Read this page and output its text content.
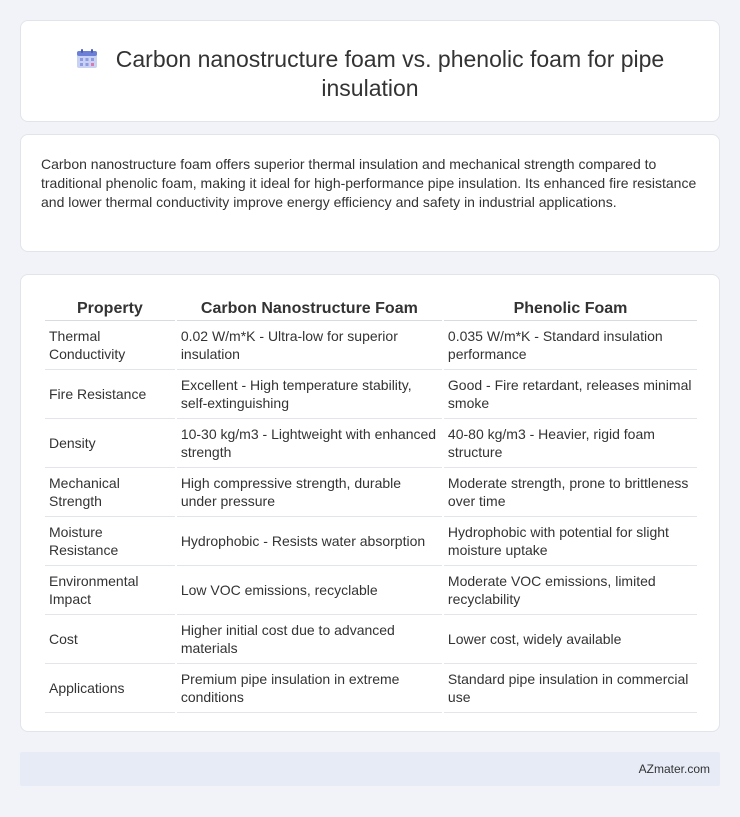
Carbon nanostructure foam vs. phenolic foam for pipe insulation

Carbon nanostructure foam offers superior thermal insulation and mechanical strength compared to traditional phenolic foam, making it ideal for high-performance pipe insulation. Its enhanced fire resistance and lower thermal conductivity improve energy efficiency and safety in industrial applications.

Property	Carbon Nanostructure Foam	Phenolic Foam
Thermal Conductivity	0.02 W/m*K - Ultra-low for superior insulation	0.035 W/m*K - Standard insulation performance
Fire Resistance	Excellent - High temperature stability, self-extinguishing	Good - Fire retardant, releases minimal smoke
Density	10-30 kg/m3 - Lightweight with enhanced strength	40-80 kg/m3 - Heavier, rigid foam structure
Mechanical Strength	High compressive strength, durable under pressure	Moderate strength, prone to brittleness over time
Moisture Resistance	Hydrophobic - Resists water absorption	Hydrophobic with potential for slight moisture uptake
Environmental Impact	Low VOC emissions, recyclable	Moderate VOC emissions, limited recyclability
Cost	Higher initial cost due to advanced materials	Lower cost, widely available
Applications	Premium pipe insulation in extreme conditions	Standard pipe insulation in commercial use
AZmater.com
